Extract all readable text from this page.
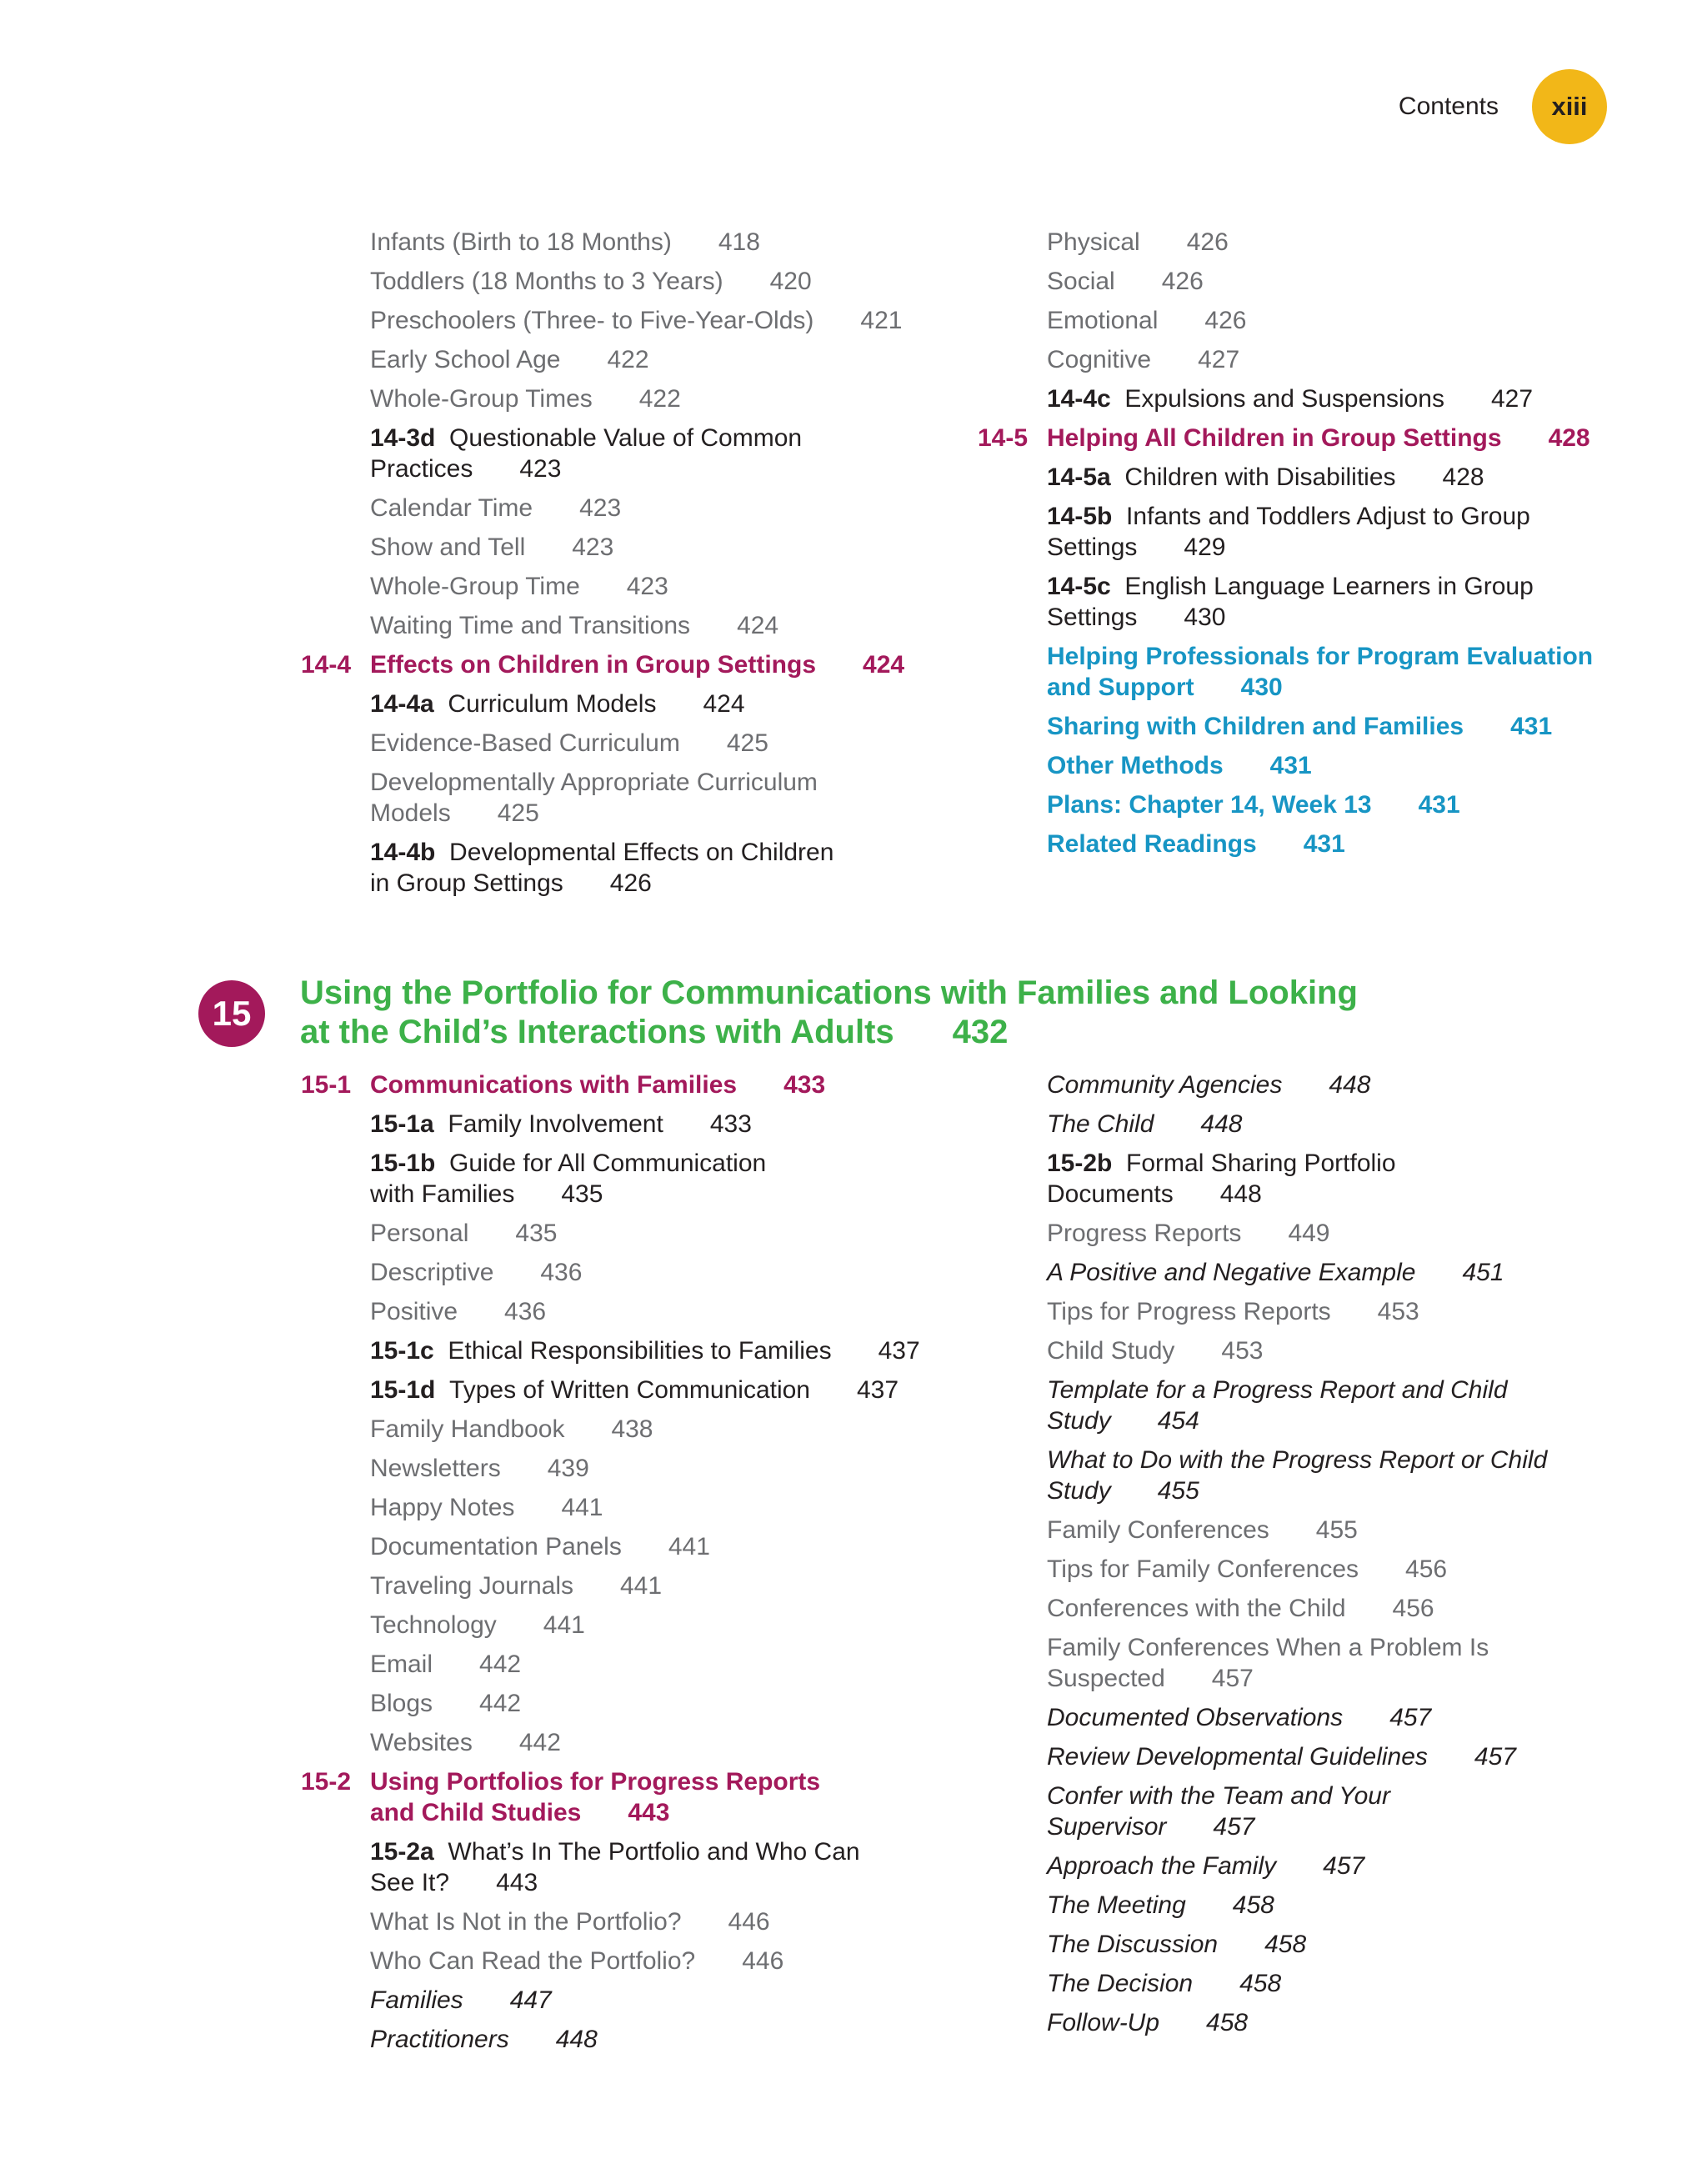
Contents	xiii

Infants (Birth to 18 Months) 418

Toddlers (18 Months to 3 Years) 420

Preschoolers (Three- to Five-Year-Olds) 421

Early School Age 422

Whole-Group Times 422

14-3d Questionable Value of Common
Practices 423

Calendar Time 423

Show and Tell 423

Whole-Group Time 423

Waiting Time and Transitions 424

14-4 Effects on Children in Group Settings 424

14-4a Curriculum Models 424

Evidence-Based Curriculum 425

Developmentally Appropriate Curriculum
Models 425

14-4b Developmental Effects on Children
in Group Settings 426

Physical 426

Social 426

Emotional 426

Cognitive 427

14-4c Expulsions and Suspensions 427

14-5 Helping All Children in Group Settings 428

14-5a Children with Disabilities 428

14-5b Infants and Toddlers Adjust to Group
Settings 429

14-5c English Language Learners in Group
Settings 430

Helping Professionals for Program Evaluation
and Support 430

Sharing with Children and Families 431

Other Methods 431

Plans: Chapter 14, Week 13 431

Related Readings 431

15

Using the Portfolio for Communications with Families and Looking
at the Child’s Interactions with Adults 432

15-1 Communications with Families 433

15-1a Family Involvement 433

15-1b Guide for All Communication
with Families 435

Personal 435

Descriptive 436

Positive 436

15-1c Ethical Responsibilities to Families 437

15-1d Types of Written Communication 437

Family Handbook 438

Newsletters 439

Happy Notes 441

Documentation Panels 441

Traveling Journals 441

Technology 441

Email 442

Blogs 442

Websites 442

15-2 Using Portfolios for Progress Reports
and Child Studies 443

15-2a What’s In The Portfolio and Who Can
See It? 443

What Is Not in the Portfolio? 446

Who Can Read the Portfolio? 446

Families 447

Practitioners 448

Community Agencies 448

The Child 448

15-2b Formal Sharing Portfolio
Documents 448

Progress Reports 449

A Positive and Negative Example 451

Tips for Progress Reports 453

Child Study 453

Template for a Progress Report and Child
Study 454

What to Do with the Progress Report or Child
Study 455

Family Conferences 455

Tips for Family Conferences 456

Conferences with the Child 456

Family Conferences When a Problem Is
Suspected 457

Documented Observations 457

Review Developmental Guidelines 457

Confer with the Team and Your
Supervisor 457

Approach the Family 457

The Meeting 458

The Discussion 458

The Decision 458

Follow-Up 458
